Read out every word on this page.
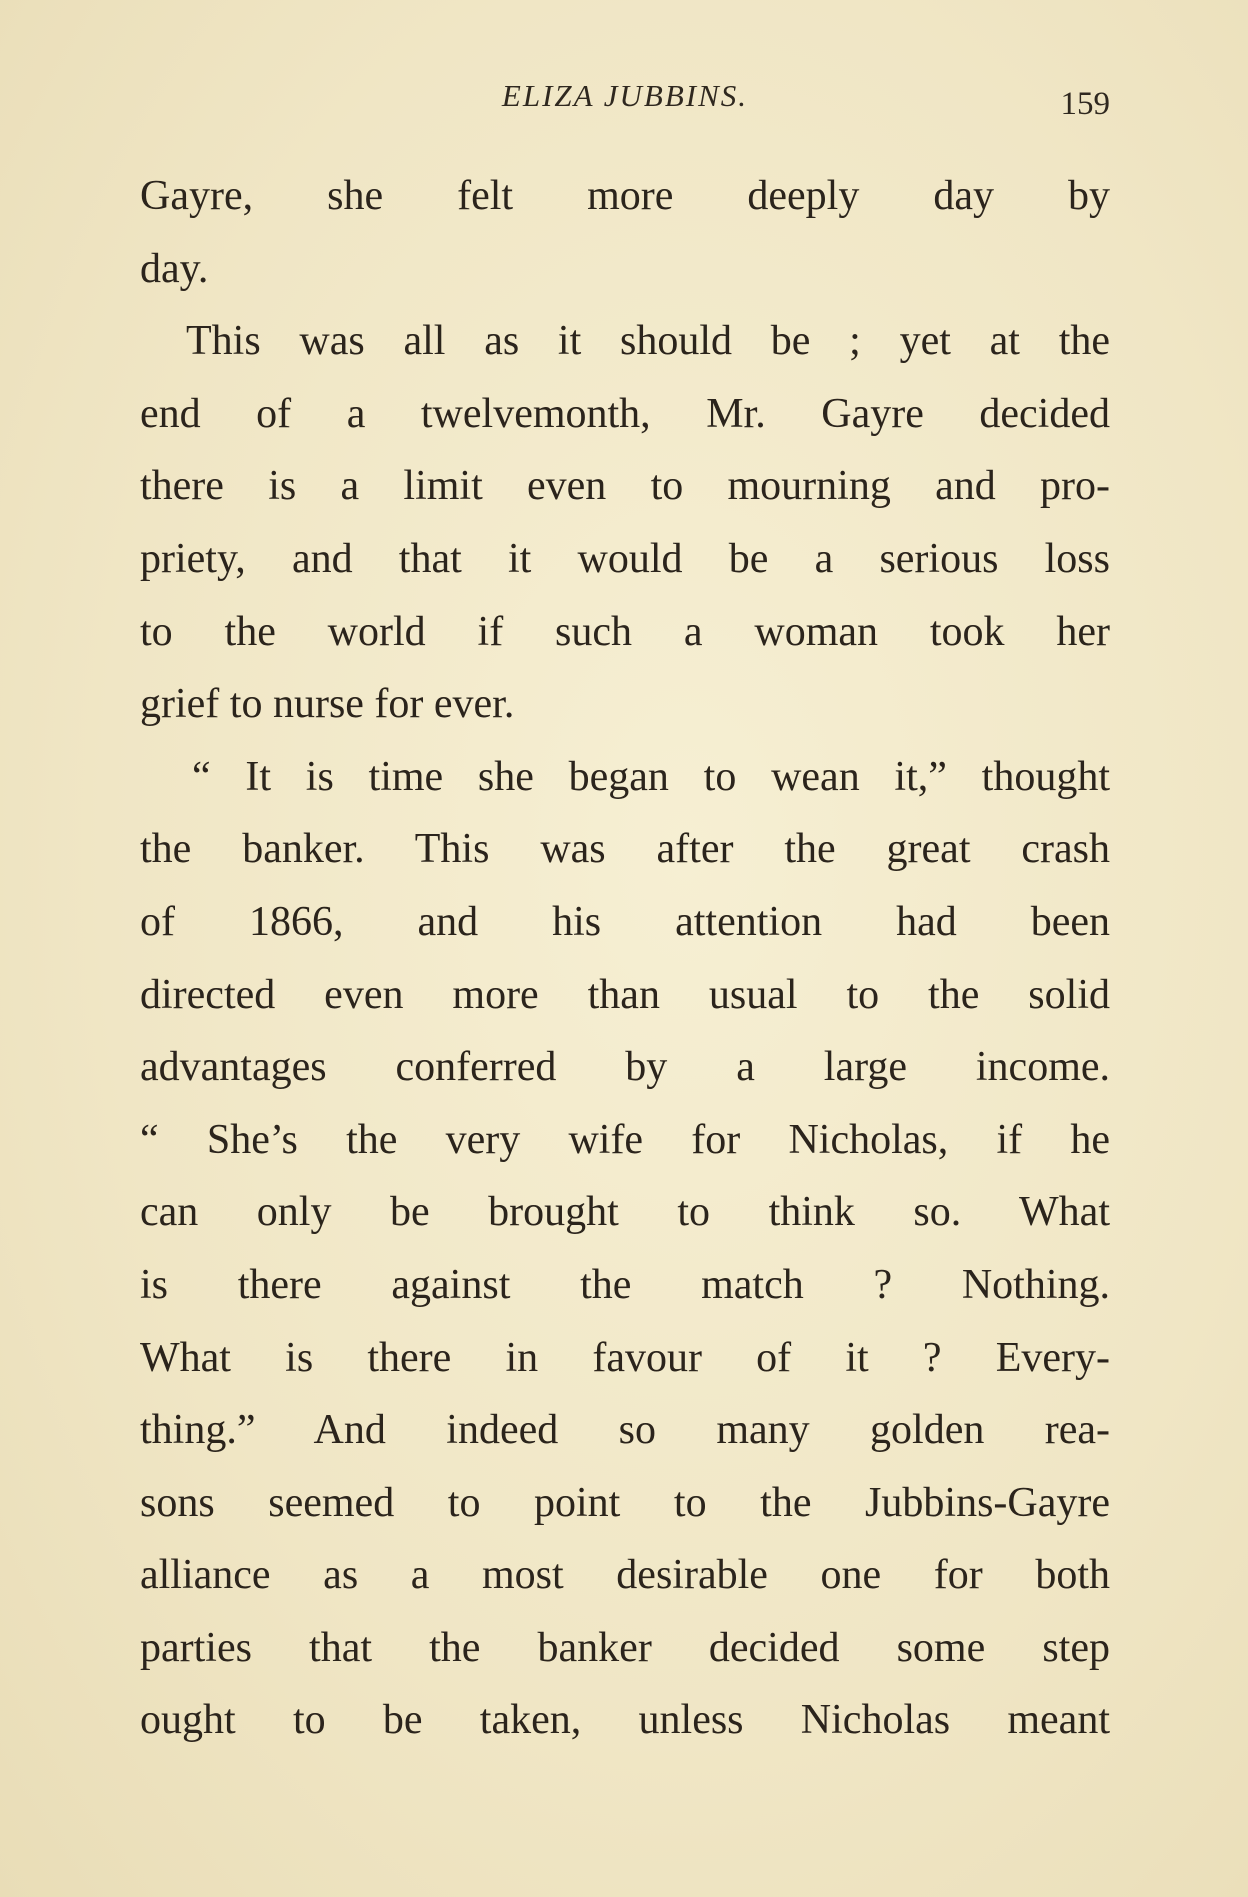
ELIZA JUBBINS.	159
Gayre, she felt more deeply day by
day.
This was all as it should be ; yet at the
end of a twelvemonth, Mr. Gayre decided
there is a limit even to mourning and pro-
priety, and that it would be a serious loss
to the world if such a woman took her
grief to nurse for ever.
“ It is time she began to wean it,” thought
the banker. This was after the great crash
of 1866, and his attention had been
directed even more than usual to the solid
advantages conferred by a large income.
“ She’s the very wife for Nicholas, if he
can only be brought to think so. What
is there against the match ? Nothing.
What is there in favour of it ? Every-
thing.” And indeed so many golden rea-
sons seemed to point to the Jubbins-Gayre
alliance as a most desirable one for both
parties that the banker decided some step
ought to be taken, unless Nicholas meant
